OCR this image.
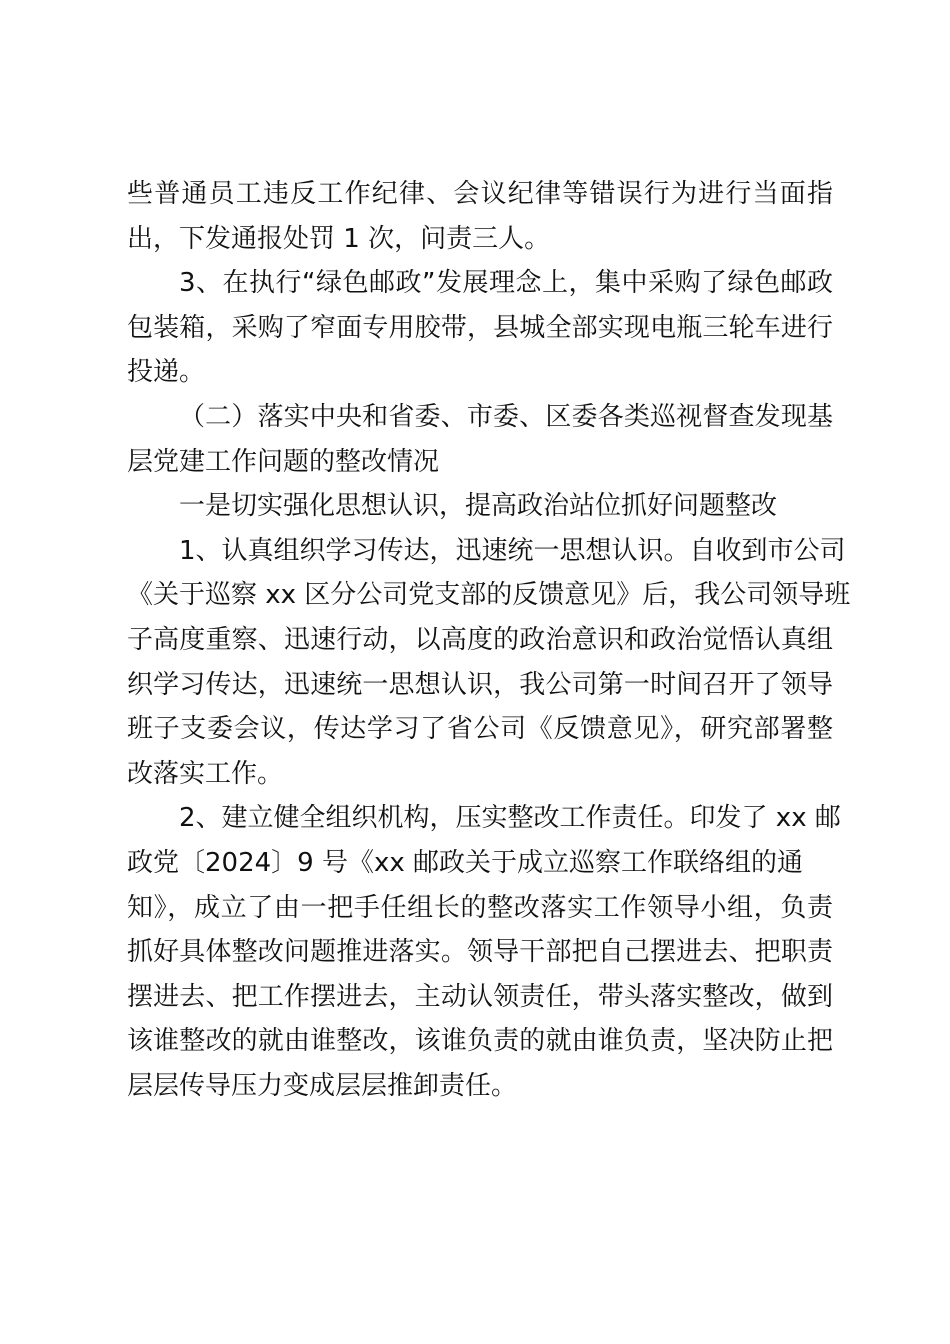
些普通员工违反工作纪律、会议纪律等错误行为进行当面指
出，下发通报处罚 1 次，问责三人。
3、在执行“绿色邮政”发展理念上，集中采购了绿色邮政
包装箱，采购了窄面专用胶带，县城全部实现电瓶三轮车进行
投递。
（二）落实中央和省委、市委、区委各类巡视督查发现基
层党建工作问题的整改情况
一是切实强化思想认识，提高政治站位抓好问题整改
1、认真组织学习传达，迅速统一思想认识。自收到市公司
《关于巡察 xx 区分公司党支部的反馈意见》后，我公司领导班
子高度重察、迅速行动，以高度的政治意识和政治觉悟认真组
织学习传达，迅速统一思想认识，我公司第一时间召开了领导
班子支委会议，传达学习了省公司《反馈意见》，研究部署整
改落实工作。
2、建立健全组织机构，压实整改工作责任。印发了 xx 邮
政党〔2024〕9 号《xx 邮政关于成立巡察工作联络组的通
知》，成立了由一把手任组长的整改落实工作领导小组，负责
抓好具体整改问题推进落实。领导干部把自己摆进去、把职责
摆进去、把工作摆进去，主动认领责任，带头落实整改，做到
该谁整改的就由谁整改，该谁负责的就由谁负责，坚决防止把
层层传导压力变成层层推卸责任。
